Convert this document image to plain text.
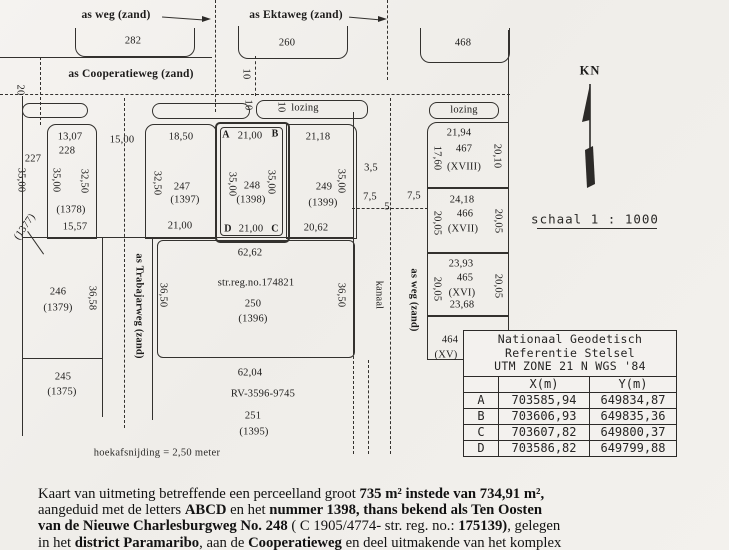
as weg (zand)	as Ektaweg (zand)
as Cooperatieweg (zand)
282	260	468
20
10
10 10 lozing	lozing
13,07
228
227
35,00 35,00 32,50
(1378)
15,57
(1377)
15,00	18,50
32,50 247
(1397)
21,00
A 21,00 B
35,00	35,00
248
(1398)
D 21,00 C
21,18
35,00
249
(1399)
20,62
3,5
7,5	7,5
5
kanaal as weg (zand)
21,94
17,60 467 20,10
(XVIII)
24,18
20,05 466 20,05
(XVII)
23,93
20,05 465 20,05
(XVI)
23,68
464
(XV)
as Trabajarweg (zand)
246
(1379) 36,58
245
(1375)
62,62
str.reg.no.174821
250
(1396)
36,50	36,50
62,04
RV-3596-9745
251
(1395)
hoekafsnijding = 2,50 meter
KN
schaal 1 : 1000
Nationaal Geodetisch
Referentie Stelsel
UTM ZONE 21 N WGS '84		

	X(m)	Y(m)
A	703585,94	649834,87
B	703606,93	649835,36
C	703607,82	649800,37
D	703586,82	649799,88
Kaart van uitmeting betreffende een perceelland groot 735 m² instede van 734,91 m²,
aangeduid met de letters ABCD en het nummer 1398, thans bekend als Ten Oosten
van de Nieuwe Charlesburgweg No. 248 ( C 1905/4774- str. reg. no.: 175139), gelegen
in het district Paramaribo, aan de Cooperatieweg en deel uitmakende van het komplex
